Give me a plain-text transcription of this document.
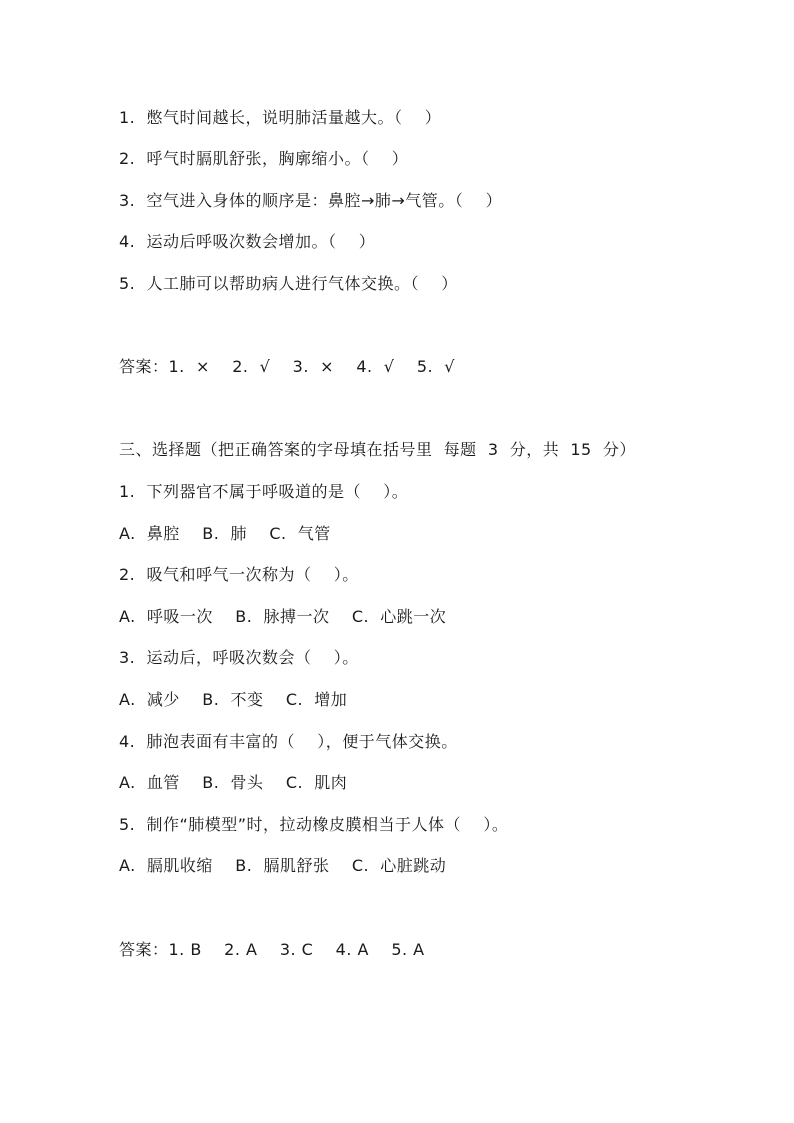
1.  憋气时间越长，说明肺活量越大。（    ）
2.  呼气时膈肌舒张，胸廓缩小。（    ）
3.  空气进入身体的顺序是：鼻腔→肺→气管。（    ）
4.  运动后呼吸次数会增加。（    ）
5.  人工肺可以帮助病人进行气体交换。（    ）
答案：1.  ×    2.  √    3.  ×    4.  √    5.  √
三、选择题（把正确答案的字母填在括号里  每题  3  分，共  15  分）
1.  下列器官不属于呼吸道的是（    ）。
A.  鼻腔    B.  肺    C.  气管
2.  吸气和呼气一次称为（    ）。
A.  呼吸一次    B.  脉搏一次    C.  心跳一次
3.  运动后，呼吸次数会（    ）。
A.  减少    B.  不变    C.  增加
4.  肺泡表面有丰富的（    ），便于气体交换。
A.  血管    B.  骨头    C.  肌肉
5.  制作“肺模型”时，拉动橡皮膜相当于人体（    ）。
A.  膈肌收缩    B.  膈肌舒张    C.  心脏跳动
答案：1. B    2. A    3. C    4. A    5. A
